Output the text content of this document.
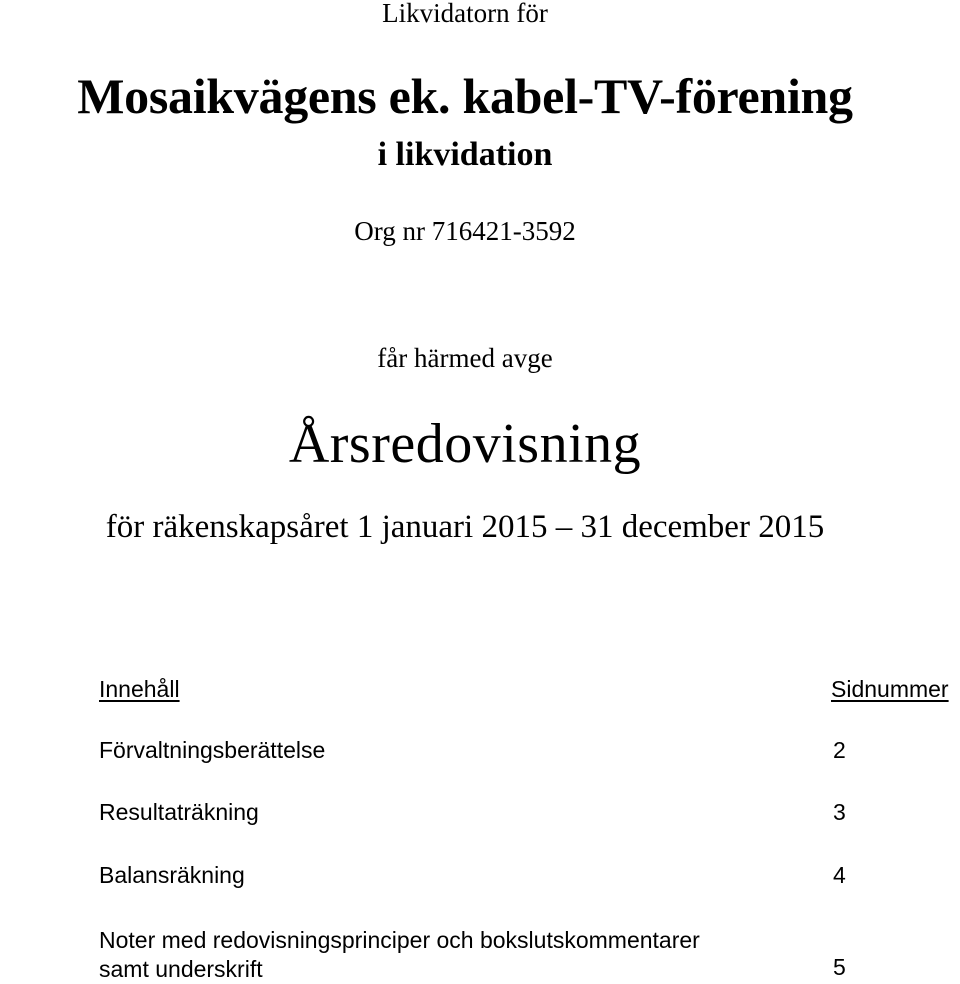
Likvidatorn för
Mosaikvägens ek. kabel-TV-förening
i likvidation
Org nr 716421-3592
får härmed avge
Årsredovisning
för räkenskapsåret 1 januari 2015 – 31 december 2015
Innehåll	Sidnummer
Förvaltningsberättelse	2
Resultaträkning	3
Balansräkning	4
Noter med redovisningsprinciper och bokslutskommentarer
samt underskrift	5
